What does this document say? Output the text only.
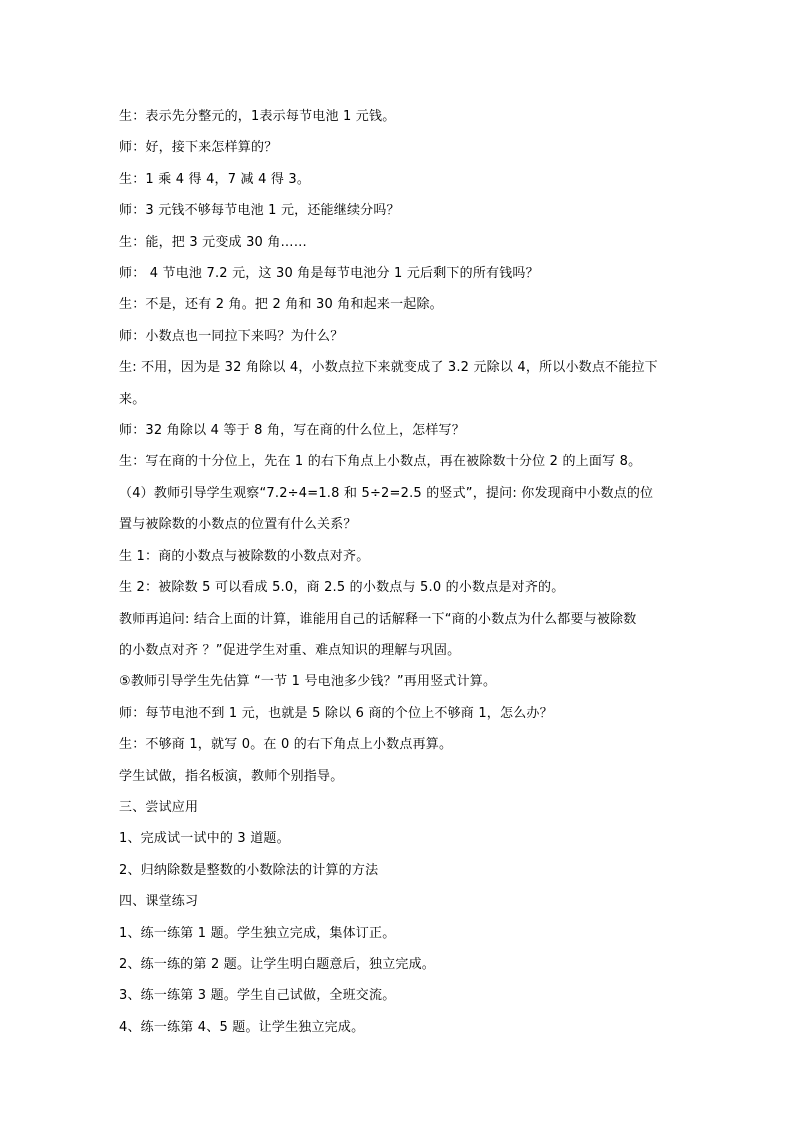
生：表示先分整元的，1表示每节电池 1 元钱。
师：好，接下来怎样算的？
生：1 乘 4 得 4，7 减 4 得 3。
师：3 元钱不够每节电池 1 元，还能继续分吗？
生：能，把 3 元变成 30 角……
师： 4 节电池 7.2 元，这 30 角是每节电池分 1 元后剩下的所有钱吗？
生：不是，还有 2 角。把 2 角和 30 角和起来一起除。
师：小数点也一同拉下来吗？为什么？
生: 不用，因为是 32 角除以 4，小数点拉下来就变成了 3.2 元除以 4，所以小数点不能拉下
来。
师：32 角除以 4 等于 8 角，写在商的什么位上，怎样写？
生：写在商的十分位上，先在 1 的右下角点上小数点，再在被除数十分位 2 的上面写 8。
（4）教师引导学生观察“7.2÷4=1.8 和 5÷2=2.5 的竖式”，提问: 你发现商中小数点的位
置与被除数的小数点的位置有什么关系？
生 1：商的小数点与被除数的小数点对齐。
生 2：被除数 5 可以看成 5.0，商 2.5 的小数点与 5.0 的小数点是对齐的。
教师再追问: 结合上面的计算，谁能用自己的话解释一下“商的小数点为什么都要与被除数
的小数点对齐 ？”促进学生对重、难点知识的理解与巩固。
⑤教师引导学生先估算 “一节 1 号电池多少钱？”再用竖式计算。
师：每节电池不到 1 元，也就是 5 除以 6 商的个位上不够商 1，怎么办？
生：不够商 1，就写 0。在 0 的右下角点上小数点再算。
学生试做，指名板演，教师个别指导。
三、尝试应用
1、完成试一试中的 3 道题。
2、归纳除数是整数的小数除法的计算的方法
四、课堂练习
1、练一练第 1 题。学生独立完成，集体订正。
2、练一练的第 2 题。让学生明白题意后，独立完成。
3、练一练第 3 题。学生自己试做，全班交流。
4、练一练第 4、5 题。让学生独立完成。
